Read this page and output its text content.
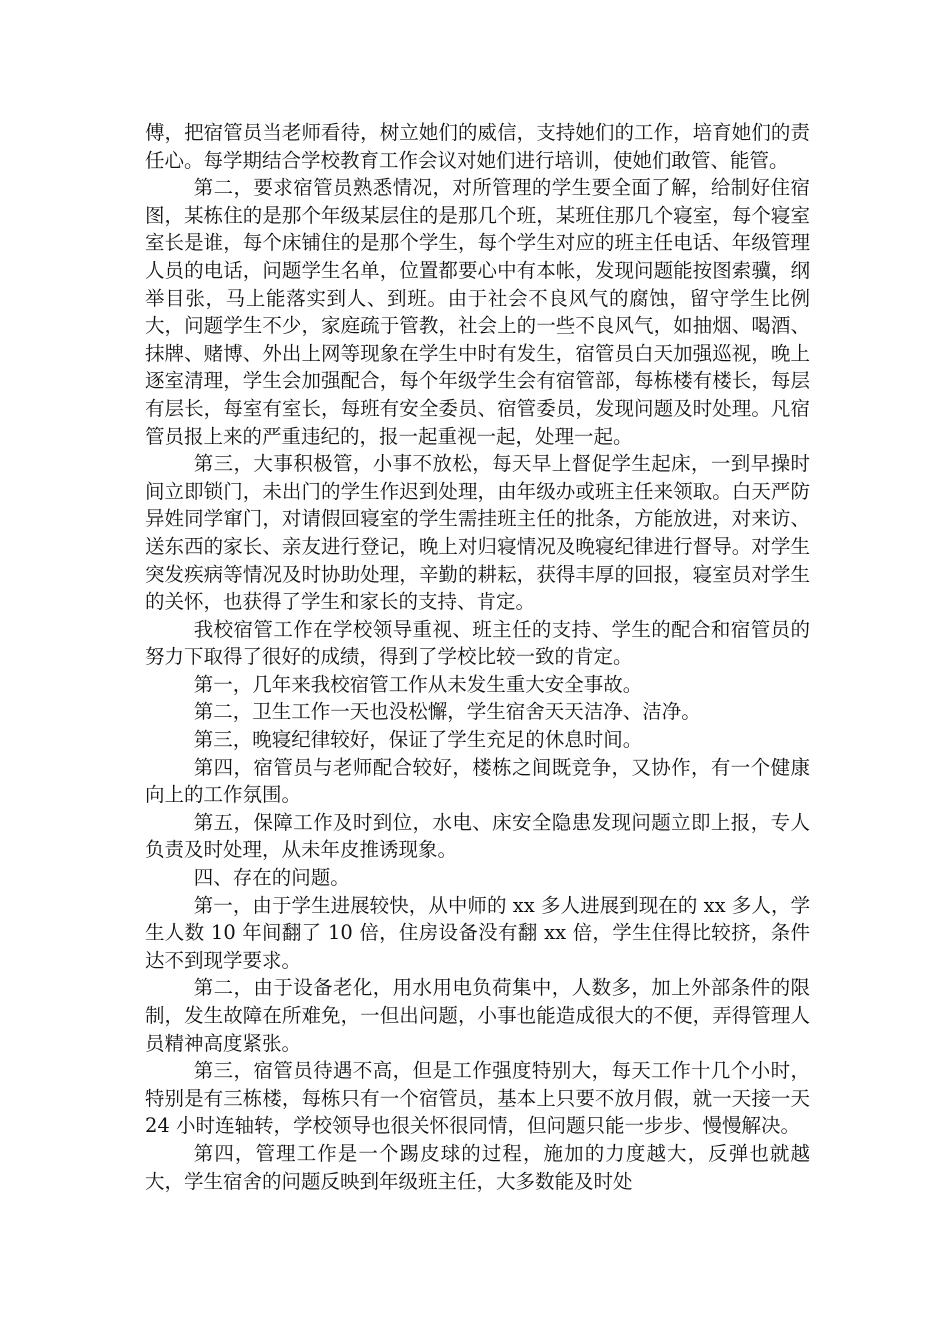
傅，把宿管员当老师看待，树立她们的威信，支持她们的工作，培育她们的责任心。每学期结合学校教育工作会议对她们进行培训，使她们敢管、能管。

第二，要求宿管员熟悉情况，对所管理的学生要全面了解，给制好住宿图，某栋住的是那个年级某层住的是那几个班，某班住那几个寝室，每个寝室室长是谁，每个床铺住的是那个学生，每个学生对应的班主任电话、年级管理人员的电话，问题学生名单，位置都要心中有本帐，发现问题能按图索骥，纲举目张，马上能落实到人、到班。由于社会不良风气的腐蚀，留守学生比例大，问题学生不少，家庭疏于管教，社会上的一些不良风气，如抽烟、喝酒、抹牌、赌博、外出上网等现象在学生中时有发生，宿管员白天加强巡视，晚上逐室清理，学生会加强配合，每个年级学生会有宿管部，每栋楼有楼长，每层有层长，每室有室长，每班有安全委员、宿管委员，发现问题及时处理。凡宿管员报上来的严重违纪的，报一起重视一起，处理一起。

第三，大事积极管，小事不放松，每天早上督促学生起床，一到早操时间立即锁门，未出门的学生作迟到处理，由年级办或班主任来领取。白天严防异姓同学窜门，对请假回寝室的学生需挂班主任的批条，方能放进，对来访、送东西的家长、亲友进行登记，晚上对归寝情况及晚寝纪律进行督导。对学生突发疾病等情况及时协助处理，辛勤的耕耘，获得丰厚的回报，寝室员对学生的关怀，也获得了学生和家长的支持、肯定。

我校宿管工作在学校领导重视、班主任的支持、学生的配合和宿管员的努力下取得了很好的成绩，得到了学校比较一致的肯定。

第一，几年来我校宿管工作从未发生重大安全事故。

第二，卫生工作一天也没松懈，学生宿舍天天洁净、洁净。

第三，晚寝纪律较好，保证了学生充足的休息时间。

第四，宿管员与老师配合较好，楼栋之间既竞争，又协作，有一个健康向上的工作氛围。

第五，保障工作及时到位，水电、床安全隐患发现问题立即上报，专人负责及时处理，从未年皮推诱现象。

四、存在的问题。

第一，由于学生进展较快，从中师的 xx 多人进展到现在的 xx 多人，学生人数 10 年间翻了 10 倍，住房设备没有翻 xx 倍，学生住得比较挤，条件达不到现学要求。

第二，由于设备老化，用水用电负荷集中，人数多，加上外部条件的限制，发生故障在所难免，一但出问题，小事也能造成很大的不便，弄得管理人员精神高度紧张。

第三，宿管员待遇不高，但是工作强度特别大，每天工作十几个小时，特别是有三栋楼，每栋只有一个宿管员，基本上只要不放月假，就一天接一天 24 小时连轴转，学校领导也很关怀很同情，但问题只能一步步、慢慢解决。

第四，管理工作是一个踢皮球的过程，施加的力度越大，反弹也就越大，学生宿舍的问题反映到年级班主任，大多数能及时处
